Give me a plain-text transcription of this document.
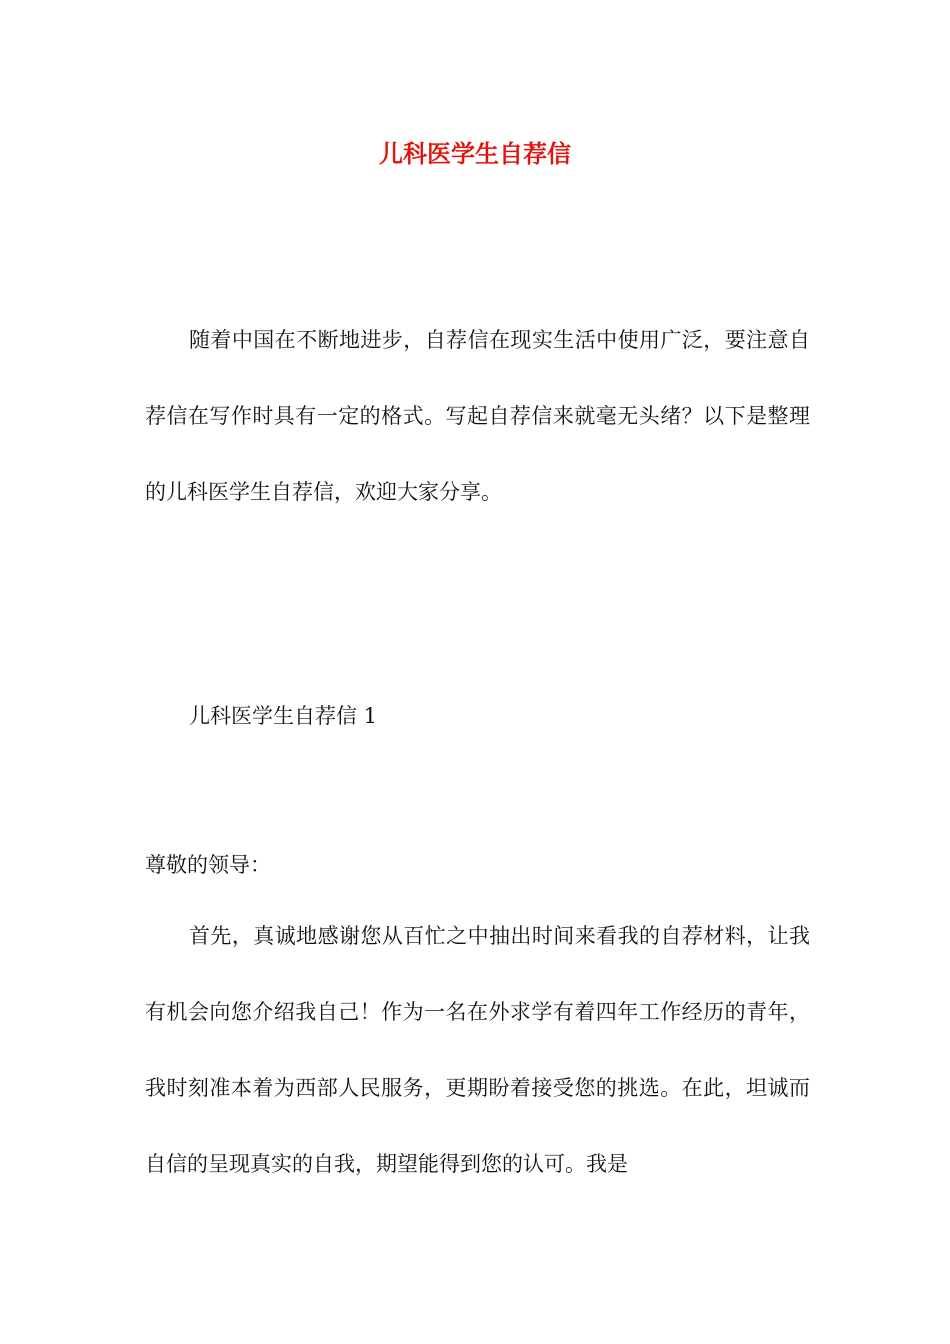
儿科医学生自荐信

随着中国在不断地进步，自荐信在现实生活中使用广泛，要注意自荐信在写作时具有一定的格式。写起自荐信来就毫无头绪？以下是整理的儿科医学生自荐信，欢迎大家分享。

儿科医学生自荐信 1

尊敬的领导：

首先，真诚地感谢您从百忙之中抽出时间来看我的自荐材料，让我有机会向您介绍我自己！作为一名在外求学有着四年工作经历的青年，我时刻准本着为西部人民服务，更期盼着接受您的挑选。在此，坦诚而自信的呈现真实的自我，期望能得到您的认可。我是
